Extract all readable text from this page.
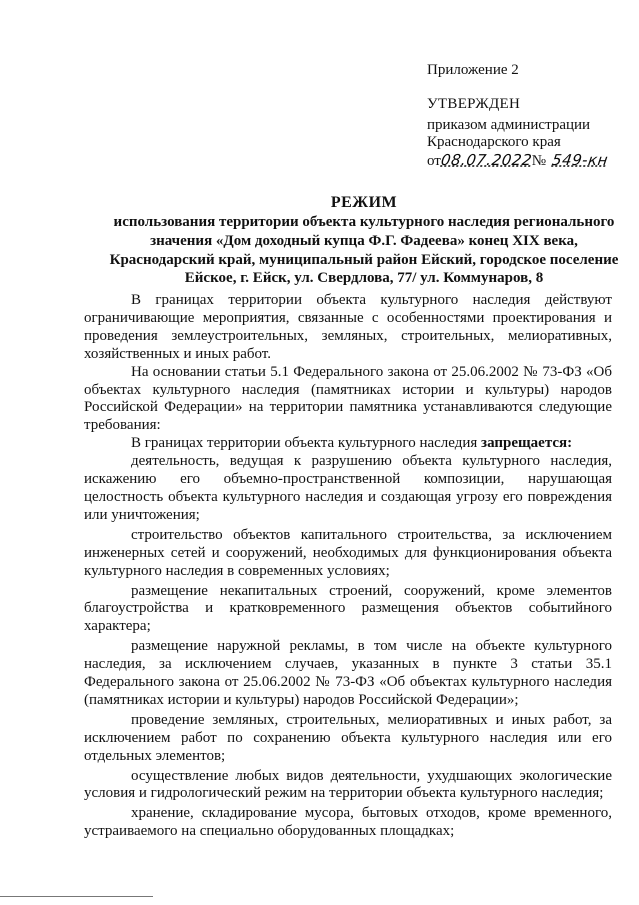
Приложение 2
УТВЕРЖДЕН
приказом администрации
Краснодарского края
от08.07.2022№ 549-кн
РЕЖИМ
использования территории объекта культурного наследия регионального
значения «Дом доходный купца Ф.Г. Фадеева» конец XIX века,
Краснодарский край, муниципальный район Ейский, городское поселение
Ейское, г. Ейск, ул. Свердлова, 77/ ул. Коммунаров, 8

В границах территории объекта культурного наследия действуют ограничивающие мероприятия, связанные с особенностями проектирования и проведения землеустроительных, земляных, строительных, мелиоративных, хозяйственных и иных работ.

На основании статьи 5.1 Федерального закона от 25.06.2002 № 73-ФЗ «Об объектах культурного наследия (памятниках истории и культуры) народов Российской Федерации» на территории памятника устанавливаются следующие требования:

В границах территории объекта культурного наследия запрещается:

деятельность, ведущая к разрушению объекта культурного наследия, искажению его объемно-пространственной композиции, нарушающая целостность объекта культурного наследия и создающая угрозу его повреждения или уничтожения;

строительство объектов капитального строительства, за исключением инженерных сетей и сооружений, необходимых для функционирования объекта культурного наследия в современных условиях;

размещение некапитальных строений, сооружений, кроме элементов благоустройства и кратковременного размещения объектов событийного характера;

размещение наружной рекламы, в том числе на объекте культурного наследия, за исключением случаев, указанных в пункте 3 статьи 35.1 Федерального закона от 25.06.2002 № 73-ФЗ «Об объектах культурного наследия (памятниках истории и культуры) народов Российской Федерации»;

проведение земляных, строительных, мелиоративных и иных работ, за исключением работ по сохранению объекта культурного наследия или его отдельных элементов;

осуществление любых видов деятельности, ухудшающих экологические условия и гидрологический режим на территории объекта культурного наследия;

хранение, складирование мусора, бытовых отходов, кроме временного, устраиваемого на специально оборудованных площадках;
